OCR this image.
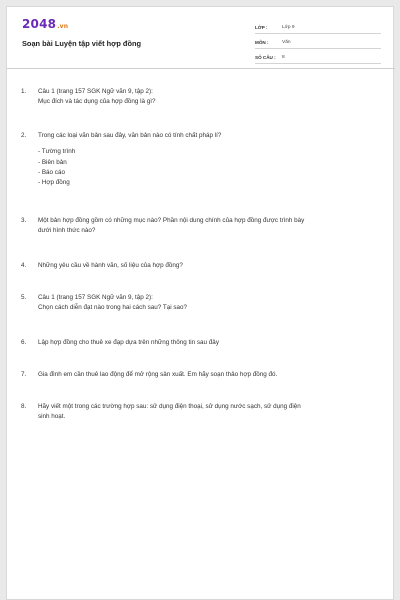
2048.vn
Soạn bài Luyện tập viết hợp đồng
LỚP :	Lớp 9
MÔN :	Văn
SỐ CÂU :	8
1.	Câu 1 (trang 157 SGK Ngữ văn 9, tập 2):
Mục đích và tác dụng của hợp đồng là gì?
2.	Trong các loại văn bản sau đây, văn bản nào có tính chất pháp lí?
- Tường trình
- Biên bản
- Báo cáo
- Hợp đồng
3.	Một bản hợp đồng gồm có những mục nào? Phần nội dung chính của hợp đồng được trình bày
dưới hình thức nào?
4.	Những yêu cầu về hành văn, số liệu của hợp đồng?
5.	Câu 1 (trang 157 SGK Ngữ văn 9, tập 2):
Chọn cách diễn đạt nào trong hai cách sau? Tại sao?
6.	Lập hợp đồng cho thuê xe đạp dựa trên những thông tin sau đây
7.	Gia đình em cần thuê lao động để mở rộng sản xuất. Em hãy soạn thảo hợp đồng đó.
8.	Hãy viết một trong các trường hợp sau: sử dụng điện thoại, sử dụng nước sạch, sử dụng điện
sinh hoạt.
